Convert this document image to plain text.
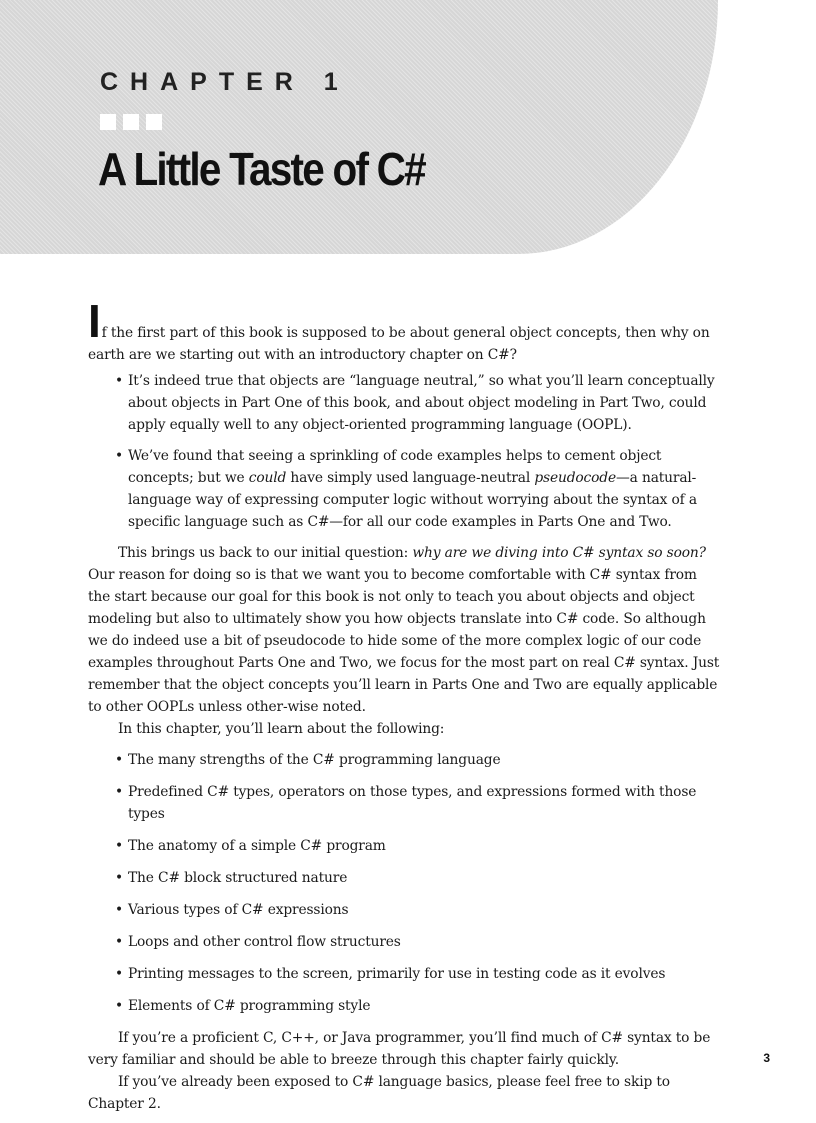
CHAPTER 1
A Little Taste of C#

If the first part of this book is supposed to be about general object concepts, then why on earth are we starting out with an introductory chapter on C#?

• It’s indeed true that objects are “language neutral,” so what you’ll learn conceptually about objects in Part One of this book, and about object modeling in Part Two, could apply equally well to any object-oriented programming language (OOPL).
• We’ve found that seeing a sprinkling of code examples helps to cement object concepts; but we could have simply used language-neutral pseudocode—a natural-language way of expressing computer logic without worrying about the syntax of a specific language such as C#—for all our code examples in Parts One and Two.

This brings us back to our initial question: why are we diving into C# syntax so soon? Our reason for doing so is that we want you to become comfortable with C# syntax from the start because our goal for this book is not only to teach you about objects and object modeling but also to ultimately show you how objects translate into C# code. So although we do indeed use a bit of pseudocode to hide some of the more complex logic of our code examples throughout Parts One and Two, we focus for the most part on real C# syntax. Just remember that the object concepts you’ll learn in Parts One and Two are equally applicable to other OOPLs unless other-wise noted.

In this chapter, you’ll learn about the following:

• The many strengths of the C# programming language
• Predefined C# types, operators on those types, and expressions formed with those types
• The anatomy of a simple C# program
• The C# block structured nature
• Various types of C# expressions
• Loops and other control flow structures
• Printing messages to the screen, primarily for use in testing code as it evolves
• Elements of C# programming style

If you’re a proficient C, C++, or Java programmer, you’ll find much of C# syntax to be very familiar and should be able to breeze through this chapter fairly quickly.

If you’ve already been exposed to C# language basics, please feel free to skip to Chapter 2.

3
